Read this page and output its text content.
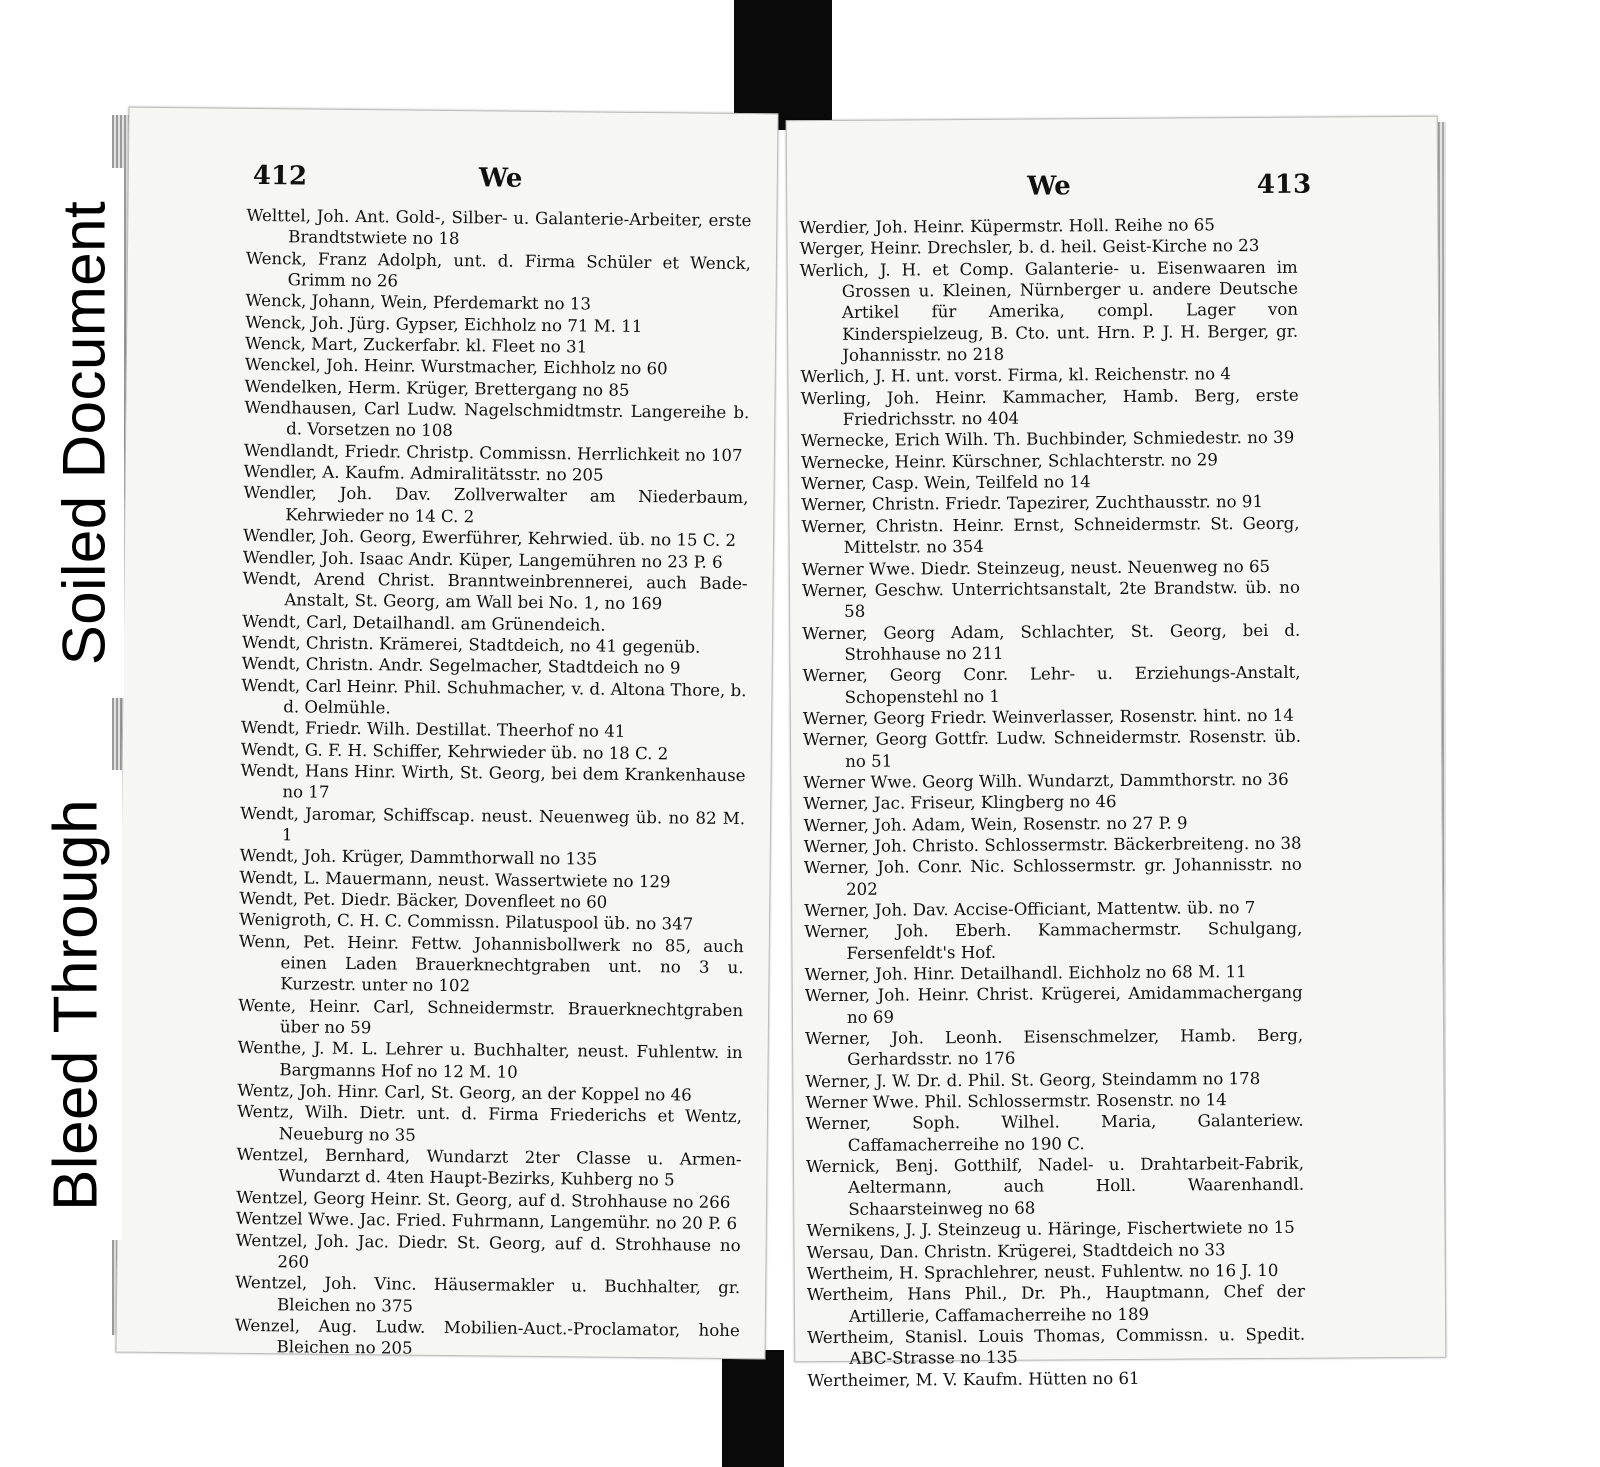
412	We
Welttel, Joh. Ant. Gold-, Silber- u. Galanterie-Arbeiter, erste Brandtstwiete no 18
Wenck, Franz Adolph, unt. d. Firma Schüler et Wenck, Grimm no 26
Wenck, Johann, Wein, Pferdemarkt no 13
Wenck, Joh. Jürg. Gypser, Eichholz no 71 M. 11
Wenck, Mart, Zuckerfabr. kl. Fleet no 31
Wenckel, Joh. Heinr. Wurstmacher, Eichholz no 60
Wendelken, Herm. Krüger, Brettergang no 85
Wendhausen, Carl Ludw. Nagelschmidtmstr. Langereihe b. d. Vorsetzen no 108
Wendlandt, Friedr. Christp. Commissn. Herrlichkeit no 107
Wendler, A. Kaufm. Admiralitätsstr. no 205
Wendler, Joh. Dav. Zollverwalter am Niederbaum, Kehrwieder no 14 C. 2
Wendler, Joh. Georg, Ewerführer, Kehrwied. üb. no 15 C. 2
Wendler, Joh. Isaac Andr. Küper, Langemühren no 23 P. 6
Wendt, Arend Christ. Branntweinbrennerei, auch Bade-Anstalt, St. Georg, am Wall bei No. 1, no 169
Wendt, Carl, Detailhandl. am Grünendeich.
Wendt, Christn. Krämerei, Stadtdeich, no 41 gegenüb.
Wendt, Christn. Andr. Segelmacher, Stadtdeich no 9
Wendt, Carl Heinr. Phil. Schuhmacher, v. d. Altona Thore, b. d. Oelmühle.
Wendt, Friedr. Wilh. Destillat. Theerhof no 41
Wendt, G. F. H. Schiffer, Kehrwieder üb. no 18 C. 2
Wendt, Hans Hinr. Wirth, St. Georg, bei dem Krankenhause no 17
Wendt, Jaromar, Schiffscap. neust. Neuenweg üb. no 82 M. 1
Wendt, Joh. Krüger, Dammthorwall no 135
Wendt, L. Mauermann, neust. Wassertwiete no 129
Wendt, Pet. Diedr. Bäcker, Dovenfleet no 60
Wenigroth, C. H. C. Commissn. Pilatuspool üb. no 347
Wenn, Pet. Heinr. Fettw. Johannisbollwerk no 85, auch einen Laden Brauerknechtgraben unt. no 3 u. Kurzestr. unter no 102
Wente, Heinr. Carl, Schneidermstr. Brauerknechtgraben über no 59
Wenthe, J. M. L. Lehrer u. Buchhalter, neust. Fuhlentw. in Bargmanns Hof no 12 M. 10
Wentz, Joh. Hinr. Carl, St. Georg, an der Koppel no 46
Wentz, Wilh. Dietr. unt. d. Firma Friederichs et Wentz, Neueburg no 35
Wentzel, Bernhard, Wundarzt 2ter Classe u. Armen-Wundarzt d. 4ten Haupt-Bezirks, Kuhberg no 5
Wentzel, Georg Heinr. St. Georg, auf d. Strohhause no 266
Wentzel Wwe. Jac. Fried. Fuhrmann, Langemühr. no 20 P. 6
Wentzel, Joh. Jac. Diedr. St. Georg, auf d. Strohhause no 260
Wentzel, Joh. Vinc. Häusermakler u. Buchhalter, gr. Bleichen no 375
Wenzel, Aug. Ludw. Mobilien-Auct.-Proclamator, hohe Bleichen no 205
We	413
Werdier, Joh. Heinr. Küpermstr. Holl. Reihe no 65
Werger, Heinr. Drechsler, b. d. heil. Geist-Kirche no 23
Werlich, J. H. et Comp. Galanterie- u. Eisenwaaren im Grossen u. Kleinen, Nürnberger u. andere Deutsche Artikel für Amerika, compl. Lager von Kinderspielzeug, B. Cto. unt. Hrn. P. J. H. Berger, gr. Johannisstr. no 218
Werlich, J. H. unt. vorst. Firma, kl. Reichenstr. no 4
Werling, Joh. Heinr. Kammacher, Hamb. Berg, erste Friedrichsstr. no 404
Wernecke, Erich Wilh. Th. Buchbinder, Schmiedestr. no 39
Wernecke, Heinr. Kürschner, Schlachterstr. no 29
Werner, Casp. Wein, Teilfeld no 14
Werner, Christn. Friedr. Tapezirer, Zuchthausstr. no 91
Werner, Christn. Heinr. Ernst, Schneidermstr. St. Georg, Mittelstr. no 354
Werner Wwe. Diedr. Steinzeug, neust. Neuenweg no 65
Werner, Geschw. Unterrichtsanstalt, 2te Brandstw. üb. no 58
Werner, Georg Adam, Schlachter, St. Georg, bei d. Strohhause no 211
Werner, Georg Conr. Lehr- u. Erziehungs-Anstalt, Schopenstehl no 1
Werner, Georg Friedr. Weinverlasser, Rosenstr. hint. no 14
Werner, Georg Gottfr. Ludw. Schneidermstr. Rosenstr. üb. no 51
Werner Wwe. Georg Wilh. Wundarzt, Dammthorstr. no 36
Werner, Jac. Friseur, Klingberg no 46
Werner, Joh. Adam, Wein, Rosenstr. no 27 P. 9
Werner, Joh. Christo. Schlossermstr. Bäckerbreiteng. no 38
Werner, Joh. Conr. Nic. Schlossermstr. gr. Johannisstr. no 202
Werner, Joh. Dav. Accise-Officiant, Mattentw. üb. no 7
Werner, Joh. Eberh. Kammachermstr. Schulgang, Fersenfeldt's Hof.
Werner, Joh. Hinr. Detailhandl. Eichholz no 68 M. 11
Werner, Joh. Heinr. Christ. Krügerei, Amidammachergang no 69
Werner, Joh. Leonh. Eisenschmelzer, Hamb. Berg, Gerhardsstr. no 176
Werner, J. W. Dr. d. Phil. St. Georg, Steindamm no 178
Werner Wwe. Phil. Schlossermstr. Rosenstr. no 14
Werner, Soph. Wilhel. Maria, Galanteriew. Caffamacherreihe no 190 C.
Wernick, Benj. Gotthilf, Nadel- u. Drahtarbeit-Fabrik, Aeltermann, auch Holl. Waarenhandl. Schaarsteinweg no 68
Wernikens, J. J. Steinzeug u. Häringe, Fischertwiete no 15
Wersau, Dan. Christn. Krügerei, Stadtdeich no 33
Wertheim, H. Sprachlehrer, neust. Fuhlentw. no 16 J. 10
Wertheim, Hans Phil., Dr. Ph., Hauptmann, Chef der Artillerie, Caffamacherreihe no 189
Wertheim, Stanisl. Louis Thomas, Commissn. u. Spedit. ABC-Strasse no 135
Wertheimer, M. V. Kaufm. Hütten no 61
Soiled Document
Bleed Through
